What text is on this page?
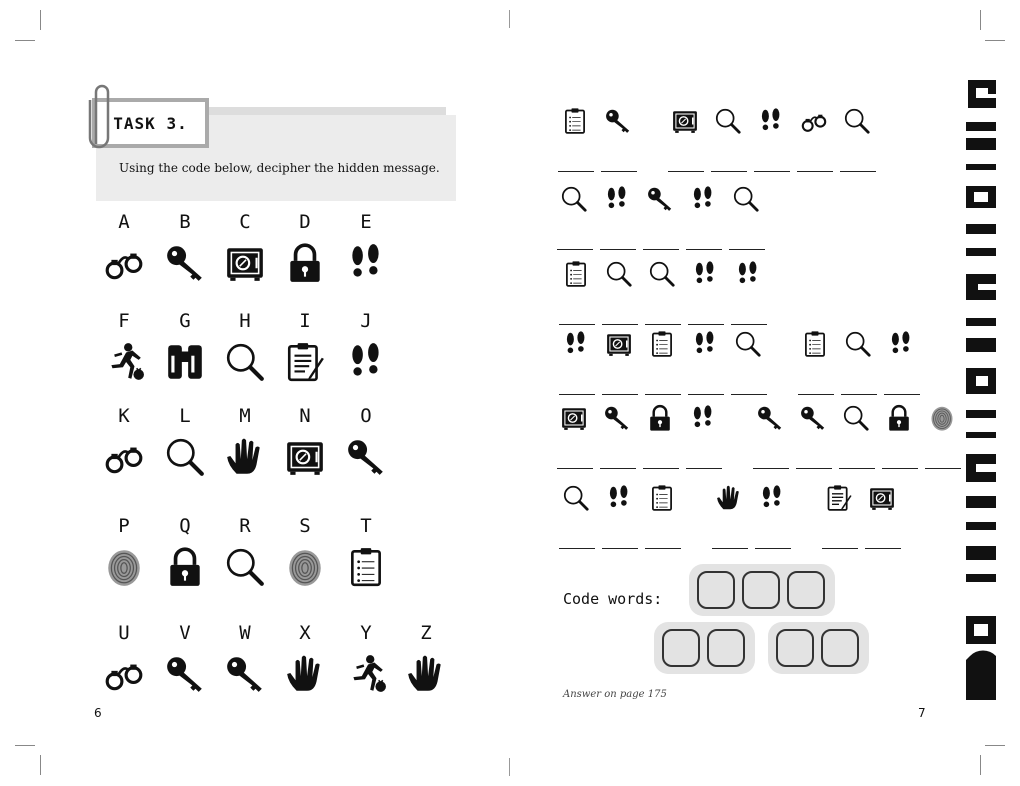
TASK 3.
Using the code below, decipher the hidden message.
A	B	C	D	E
F	G	H	I	J
K	L	M	N	O
P	Q	R	S	T
U	V	W	X	Y	Z
Code words:
Answer on page 175
6	7
